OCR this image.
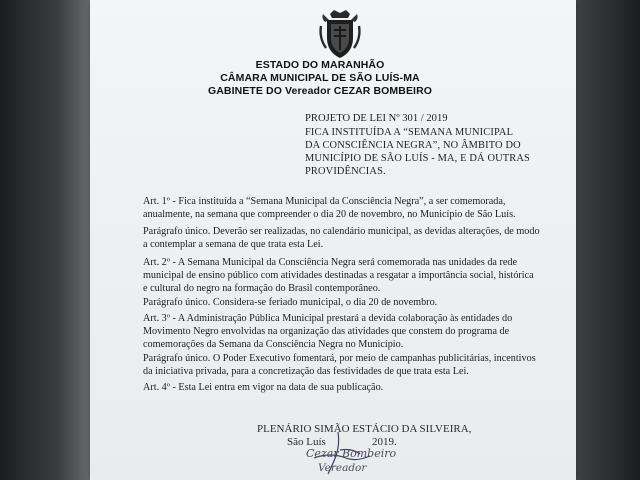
ESTADO DO MARANHÃO
CÂMARA MUNICIPAL DE SÃO LUÍS-MA
GABINETE DO Vereador CEZAR BOMBEIRO
PROJETO DE LEI Nº 301 / 2019
FICA INSTITUÍDA A “SEMANA MUNICIPAL
DA CONSCIÊNCIA NEGRA”, NO ÂMBITO DO
MUNICÍPIO DE SÃO LUÍS - MA, E DÁ OUTRAS
PROVIDÊNCIAS.
Art. 1º - Fica instituída a “Semana Municipal da Consciência Negra”, a ser comemorada,
anualmente, na semana que compreender o dia 20 de novembro, no Município de São Luís.
Parágrafo único. Deverão ser realizadas, no calendário municipal, as devidas alterações, de modo
a contemplar a semana de que trata esta Lei.
Art. 2º - A Semana Municipal da Consciência Negra será comemorada nas unidades da rede
municipal de ensino público com atividades destinadas a resgatar a importância social, histórica
e cultural do negro na formação do Brasil contemporâneo.
Parágrafo único. Considera-se feriado municipal, o dia 20 de novembro.
Art. 3º - A Administração Pública Municipal prestará a devida colaboração às entidades do
Movimento Negro envolvidas na organização das atividades que constem do programa de
comemorações da Semana da Consciência Negra no Município.
Parágrafo único. O Poder Executivo fomentará, por meio de campanhas publicitárias, incentivos
da iniciativa privada, para a concretização das festividades de que trata esta Lei.
Art. 4º - Esta Lei entra em vigor na data de sua publicação.
PLENÁRIO SIMÃO ESTÁCIO DA SILVEIRA,
São Luís	2019.
Cezar Bombeiro
Vereador
